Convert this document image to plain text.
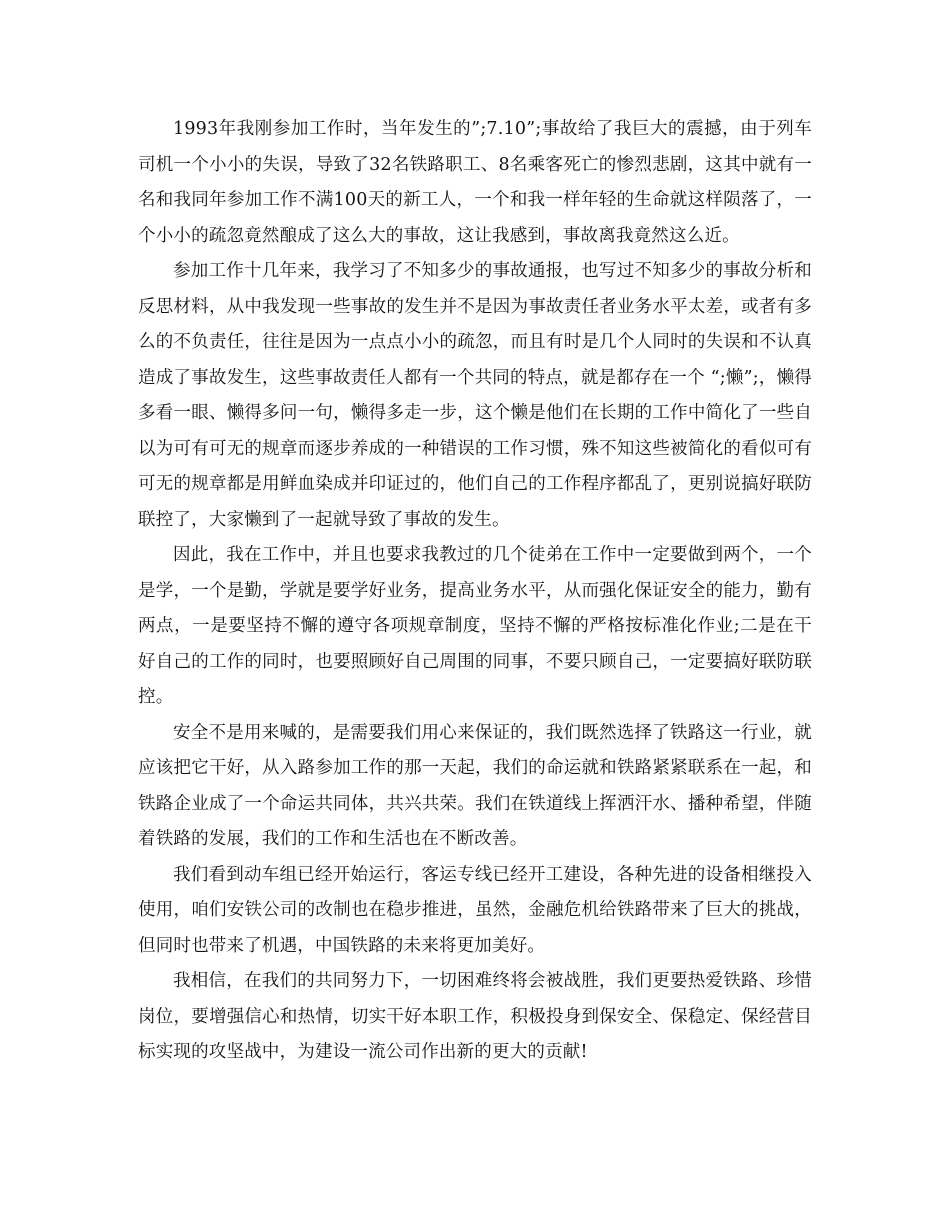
1993年我刚参加工作时，当年发生的”;7.10”;事故给了我巨大的震撼，由于列车司机一个小小的失误，导致了32名铁路职工、8名乘客死亡的惨烈悲剧，这其中就有一名和我同年参加工作不满100天的新工人，一个和我一样年轻的生命就这样陨落了，一个小小的疏忽竟然酿成了这么大的事故，这让我感到，事故离我竟然这么近。

参加工作十几年来，我学习了不知多少的事故通报，也写过不知多少的事故分析和反思材料，从中我发现一些事故的发生并不是因为事故责任者业务水平太差，或者有多么的不负责任，往往是因为一点点小小的疏忽，而且有时是几个人同时的失误和不认真造成了事故发生，这些事故责任人都有一个共同的特点，就是都存在一个 “;懒”;，懒得多看一眼、懒得多问一句，懒得多走一步，这个懒是他们在长期的工作中简化了一些自以为可有可无的规章而逐步养成的一种错误的工作习惯，殊不知这些被简化的看似可有可无的规章都是用鲜血染成并印证过的，他们自己的工作程序都乱了，更别说搞好联防联控了，大家懒到了一起就导致了事故的发生。

因此，我在工作中，并且也要求我教过的几个徒弟在工作中一定要做到两个，一个是学，一个是勤，学就是要学好业务，提高业务水平，从而强化保证安全的能力，勤有两点，一是要坚持不懈的遵守各项规章制度，坚持不懈的严格按标准化作业;二是在干好自己的工作的同时，也要照顾好自己周围的同事，不要只顾自己，一定要搞好联防联控。

安全不是用来喊的，是需要我们用心来保证的，我们既然选择了铁路这一行业，就应该把它干好，从入路参加工作的那一天起，我们的命运就和铁路紧紧联系在一起，和铁路企业成了一个命运共同体，共兴共荣。我们在铁道线上挥洒汗水、播种希望，伴随着铁路的发展，我们的工作和生活也在不断改善。

我们看到动车组已经开始运行，客运专线已经开工建设，各种先进的设备相继投入使用，咱们安铁公司的改制也在稳步推进，虽然，金融危机给铁路带来了巨大的挑战，但同时也带来了机遇，中国铁路的未来将更加美好。

我相信，在我们的共同努力下，一切困难终将会被战胜，我们更要热爱铁路、珍惜岗位，要增强信心和热情，切实干好本职工作，积极投身到保安全、保稳定、保经营目标实现的攻坚战中，为建设一流公司作出新的更大的贡献!
